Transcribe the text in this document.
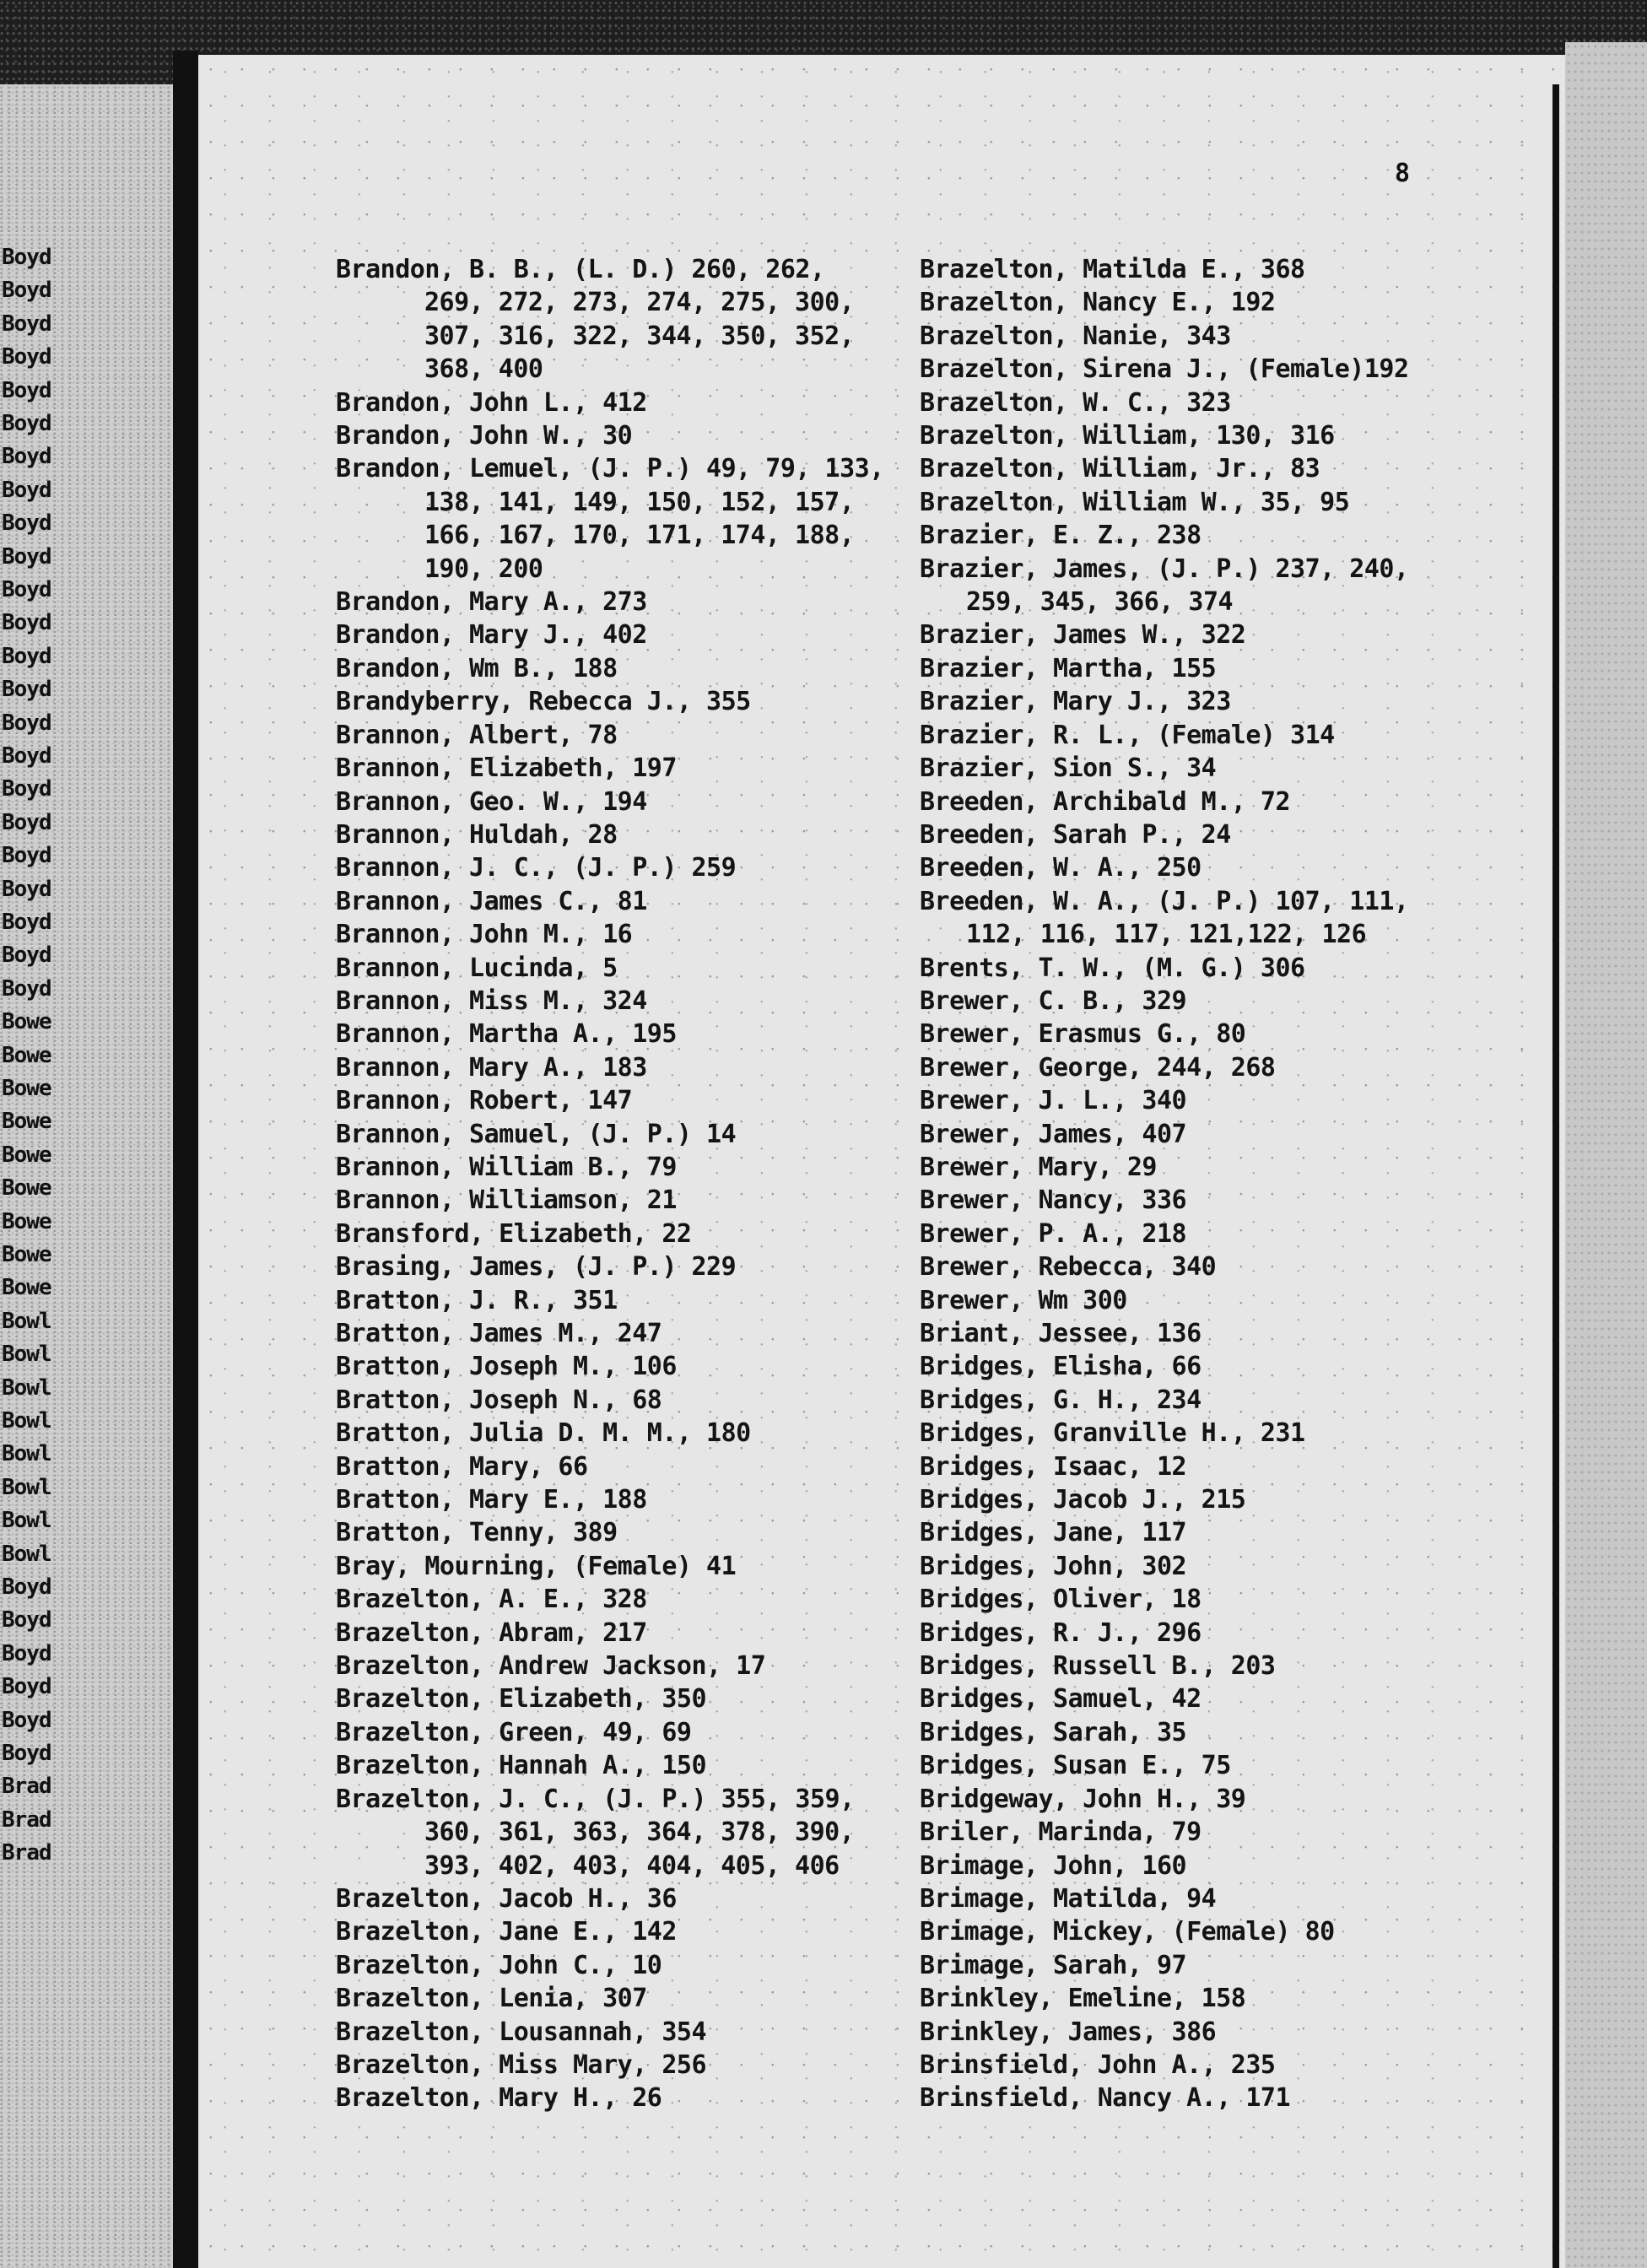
Boyd
Boyd
Boyd
Boyd
Boyd
Boyd
Boyd
Boyd
Boyd
Boyd
Boyd
Boyd
Boyd
Boyd
Boyd
Boyd
Boyd
Boyd
Boyd
Boyd
Boyd
Boyd
Boyd
Bowe
Bowe
Bowe
Bowe
Bowe
Bowe
Bowe
Bowe
Bowe
Bowl
Bowl
Bowl
Bowl
Bowl
Bowl
Bowl
Bowl
Boyd
Boyd
Boyd
Boyd
Boyd
Boyd
Brad
Brad
Brad
8
Brandon, B. B., (L. D.) 260, 262,
269, 272, 273, 274, 275, 300,
307, 316, 322, 344, 350, 352,
368, 400
Brandon, John L., 412
Brandon, John W., 30
Brandon, Lemuel, (J. P.) 49, 79, 133,
138, 141, 149, 150, 152, 157,
166, 167, 170, 171, 174, 188,
190, 200
Brandon, Mary A., 273
Brandon, Mary J., 402
Brandon, Wm B., 188
Brandyberry, Rebecca J., 355
Brannon, Albert, 78
Brannon, Elizabeth, 197
Brannon, Geo. W., 194
Brannon, Huldah, 28
Brannon, J. C., (J. P.) 259
Brannon, James C., 81
Brannon, John M., 16
Brannon, Lucinda, 5
Brannon, Miss M., 324
Brannon, Martha A., 195
Brannon, Mary A., 183
Brannon, Robert, 147
Brannon, Samuel, (J. P.) 14
Brannon, William B., 79
Brannon, Williamson, 21
Bransford, Elizabeth, 22
Brasing, James, (J. P.) 229
Bratton, J. R., 351
Bratton, James M., 247
Bratton, Joseph M., 106
Bratton, Joseph N., 68
Bratton, Julia D. M. M., 180
Bratton, Mary, 66
Bratton, Mary E., 188
Bratton, Tenny, 389
Bray, Mourning, (Female) 41
Brazelton, A. E., 328
Brazelton, Abram, 217
Brazelton, Andrew Jackson, 17
Brazelton, Elizabeth, 350
Brazelton, Green, 49, 69
Brazelton, Hannah A., 150
Brazelton, J. C., (J. P.) 355, 359,
360, 361, 363, 364, 378, 390,
393, 402, 403, 404, 405, 406
Brazelton, Jacob H., 36
Brazelton, Jane E., 142
Brazelton, John C., 10
Brazelton, Lenia, 307
Brazelton, Lousannah, 354
Brazelton, Miss Mary, 256
Brazelton, Mary H., 26
Brazelton, Matilda E., 368
Brazelton, Nancy E., 192
Brazelton, Nanie, 343
Brazelton, Sirena J., (Female)192
Brazelton, W. C., 323
Brazelton, William, 130, 316
Brazelton, William, Jr., 83
Brazelton, William W., 35, 95
Brazier, E. Z., 238
Brazier, James, (J. P.) 237, 240,
259, 345, 366, 374
Brazier, James W., 322
Brazier, Martha, 155
Brazier, Mary J., 323
Brazier, R. L., (Female) 314
Brazier, Sion S., 34
Breeden, Archibald M., 72
Breeden, Sarah P., 24
Breeden, W. A., 250
Breeden, W. A., (J. P.) 107, 111,
112, 116, 117, 121,122, 126
Brents, T. W., (M. G.) 306
Brewer, C. B., 329
Brewer, Erasmus G., 80
Brewer, George, 244, 268
Brewer, J. L., 340
Brewer, James, 407
Brewer, Mary, 29
Brewer, Nancy, 336
Brewer, P. A., 218
Brewer, Rebecca, 340
Brewer, Wm 300
Briant, Jessee, 136
Bridges, Elisha, 66
Bridges, G. H., 234
Bridges, Granville H., 231
Bridges, Isaac, 12
Bridges, Jacob J., 215
Bridges, Jane, 117
Bridges, John, 302
Bridges, Oliver, 18
Bridges, R. J., 296
Bridges, Russell B., 203
Bridges, Samuel, 42
Bridges, Sarah, 35
Bridges, Susan E., 75
Bridgeway, John H., 39
Briler, Marinda, 79
Brimage, John, 160
Brimage, Matilda, 94
Brimage, Mickey, (Female) 80
Brimage, Sarah, 97
Brinkley, Emeline, 158
Brinkley, James, 386
Brinsfield, John A., 235
Brinsfield, Nancy A., 171
